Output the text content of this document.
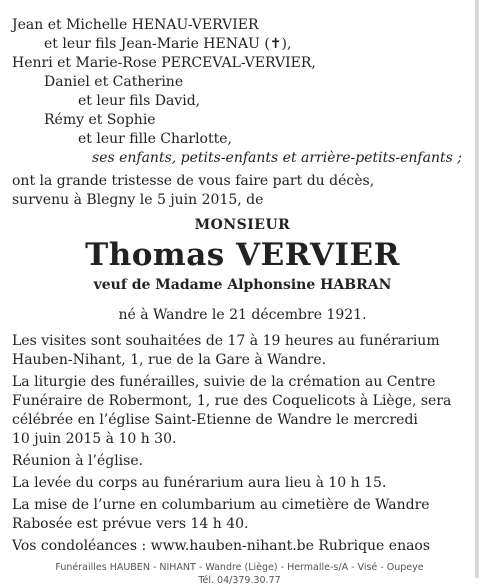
Jean et Michelle HENAU-VERVIER
et leur fils Jean-Marie HENAU (✝),
Henri et Marie-Rose PERCEVAL-VERVIER,
Daniel et Catherine
et leur fils David,
Rémy et Sophie
et leur fille Charlotte,
ses enfants, petits-enfants et arrière-petits-enfants ;
ont la grande tristesse de vous faire part du décès,
survenu à Blegny le 5 juin 2015, de
MONSIEUR
Thomas VERVIER
veuf de Madame Alphonsine HABRAN
né à Wandre le 21 décembre 1921.
Les visites sont souhaitées de 17 à 19 heures au funérarium
Hauben-Nihant, 1, rue de la Gare à Wandre.
La liturgie des funérailles, suivie de la crémation au Centre
Funéraire de Robermont, 1, rue des Coquelicots à Liège, sera
célébrée en l’église Saint-Etienne de Wandre le mercredi
10 juin 2015 à 10 h 30.
Réunion à l’église.
La levée du corps au funérarium aura lieu à 10 h 15.
La mise de l’urne en columbarium au cimetière de Wandre
Rabosée est prévue vers 14 h 40.
Vos condoléances : www.hauben-nihant.be Rubrique enaos
Funérailles HAUBEN - NIHANT - Wandre (Liège) - Hermalle-s/A - Visé - Oupeye
Tél. 04/379.30.77
